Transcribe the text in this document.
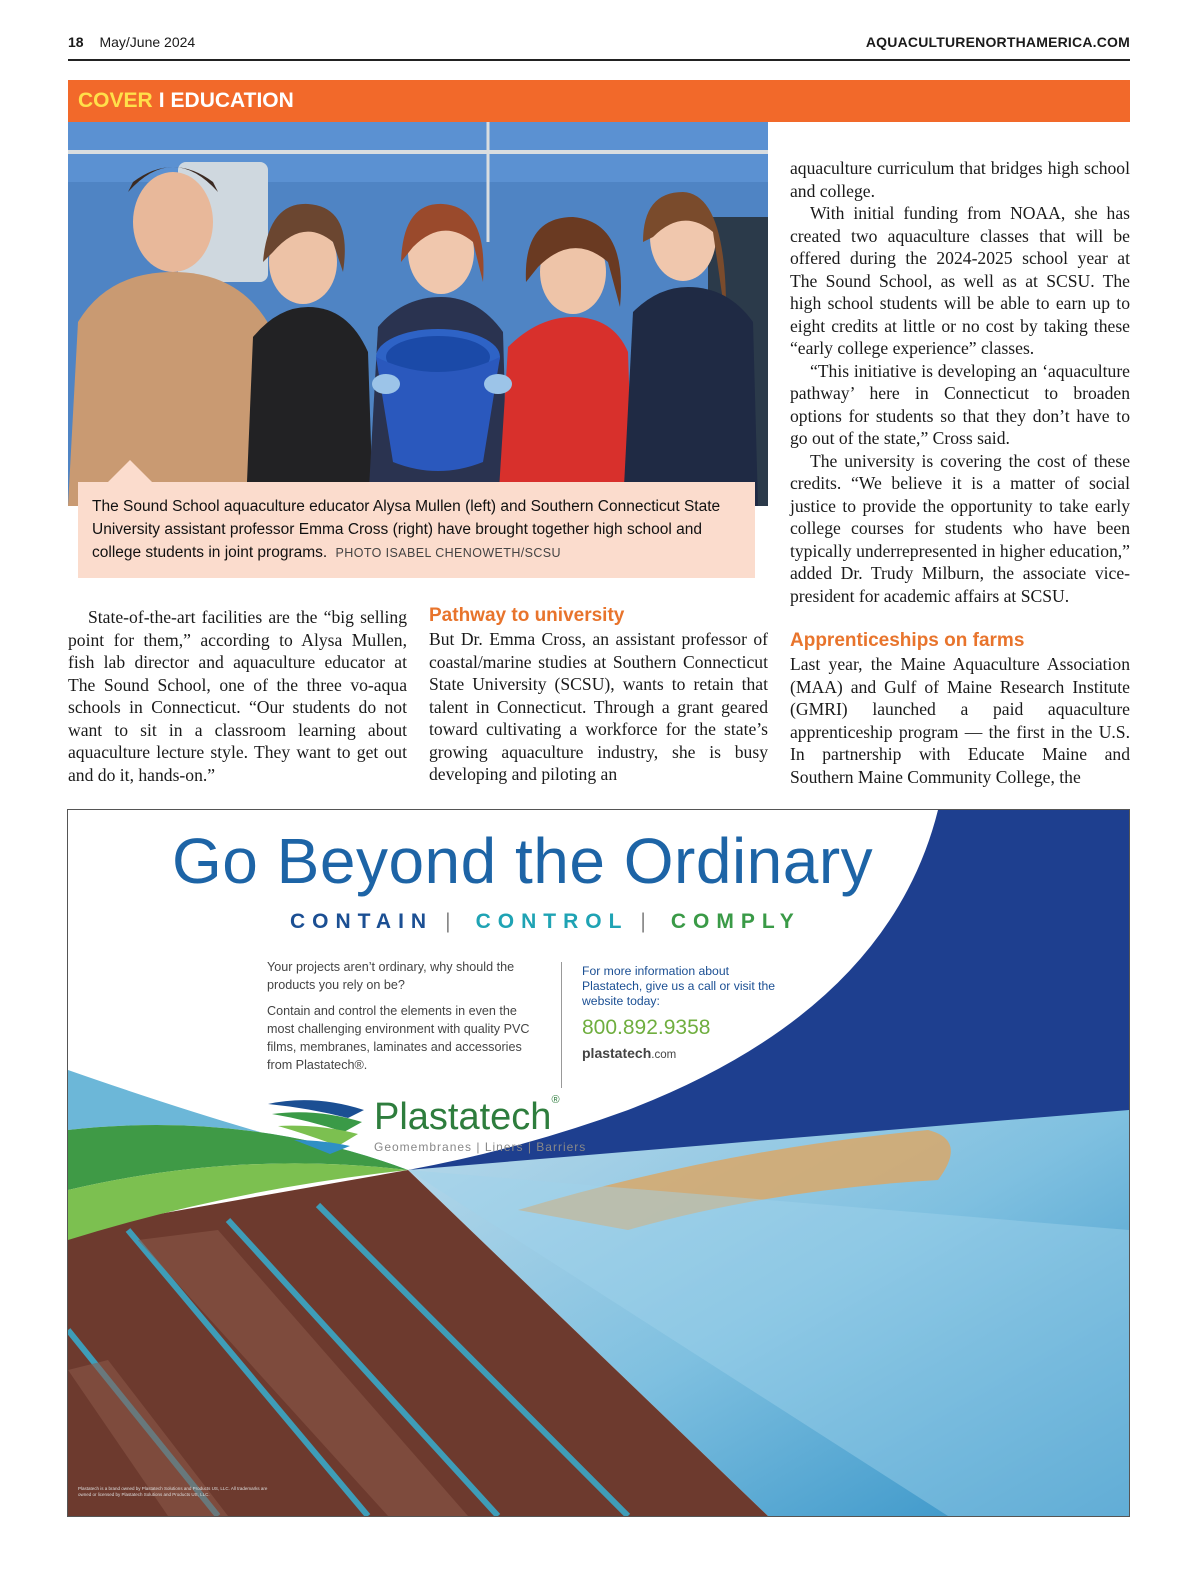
18 May/June 2024	AQUACULTURENORTHAMERICA.COM
COVER I EDUCATION
The Sound School aquaculture educator Alysa Mullen (left) and Southern Connecticut State University assistant professor Emma Cross (right) have brought together high school and college students in joint programs. PHOTO ISABEL CHENOWETH/SCSU

State-of-the-art facilities are the “big selling point for them,” according to Alysa Mullen, fish lab director and aquaculture educator at The Sound School, one of the three vo-aqua schools in Connecticut. “Our students do not want to sit in a classroom learning about aquaculture lecture style. They want to get out and do it, hands-on.”

Pathway to university

But Dr. Emma Cross, an assistant professor of coastal/marine studies at Southern Connecticut State University (SCSU), wants to retain that talent in Connecticut. Through a grant geared toward cultivating a workforce for the state’s growing aquaculture industry, she is busy developing and piloting an

aquaculture curriculum that bridges high school and college.

With initial funding from NOAA, she has created two aquaculture classes that will be offered during the 2024-2025 school year at The Sound School, as well as at SCSU. The high school students will be able to earn up to eight credits at little or no cost by taking these “early college experience” classes.

“This initiative is developing an ‘aquaculture pathway’ here in Connecticut to broaden options for students so that they don’t have to go out of the state,” Cross said.

The university is covering the cost of these credits. “We believe it is a matter of social justice to provide the opportunity to take early college courses for students who have been typically underrepresented in higher education,” added Dr. Trudy Milburn, the associate vice-president for academic affairs at SCSU.

Apprenticeships on farms

Last year, the Maine Aquaculture Association (MAA) and Gulf of Maine Research Institute (GMRI) launched a paid aquaculture apprenticeship program — the first in the U.S. In partnership with Educate Maine and Southern Maine Community College, the

Go Beyond the Ordinary
CONTAIN | CONTROL | COMPLY

Your projects aren’t ordinary, why should the products you rely on be?

Contain and control the elements in even the most challenging environment with quality PVC films, membranes, laminates and accessories from Plastatech®.

For more information about Plastatech, give us a call or visit the website today:
800.892.9358
plastatech.com
Plastatech®
Geomembranes | Liners | Barriers
Plastatech is a brand owned by Plastatech Solutions and Products US, LLC. All trademarks are owned or licensed by Plastatech Solutions and Products US, LLC.
